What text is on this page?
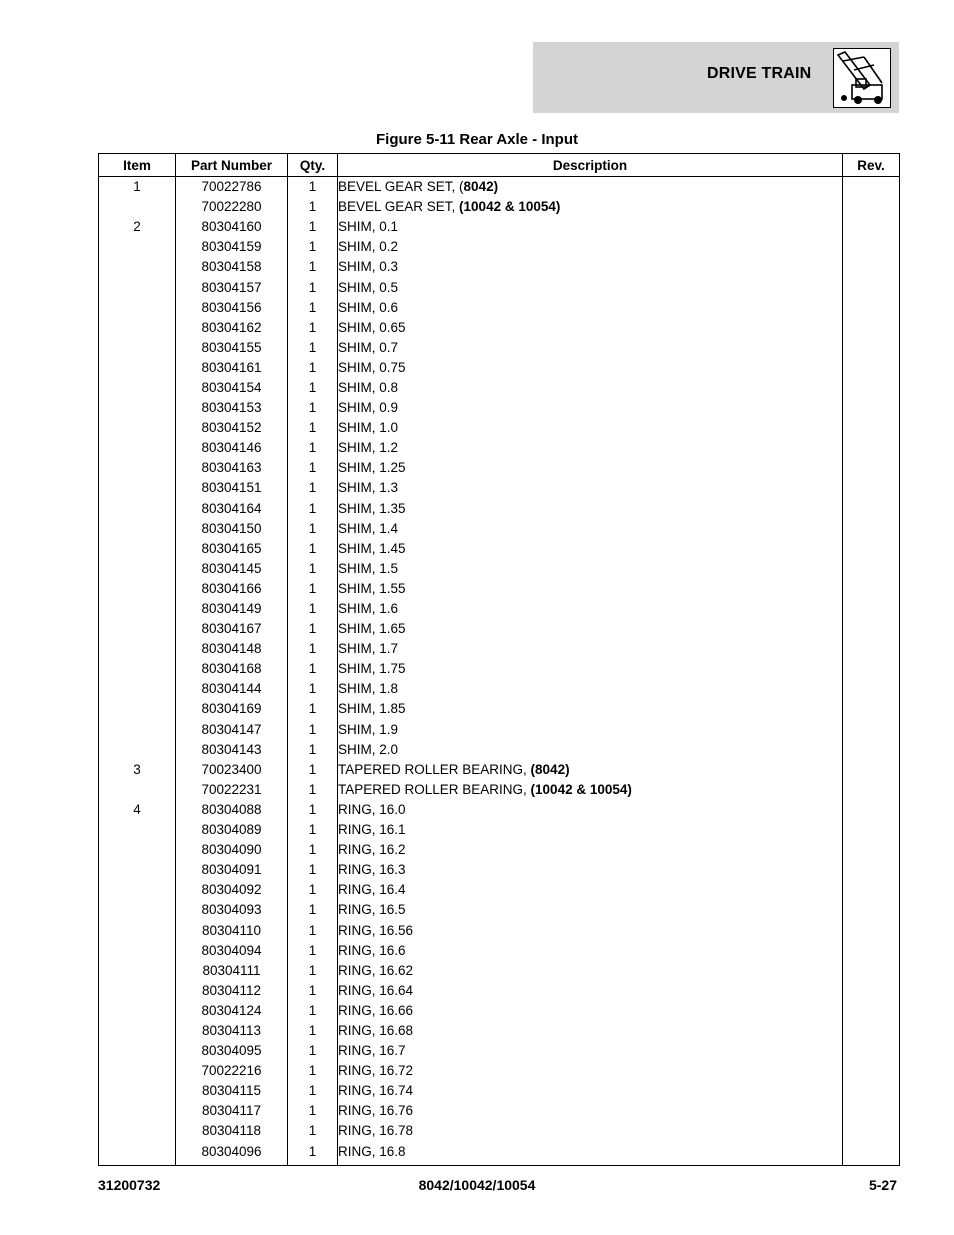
DRIVE TRAIN
Figure 5-11 Rear Axle - Input
Item	Part Number	Qty.	Description	Rev.
1	70022786	1	BEVEL GEAR SET, (8042)	
	70022280	1	BEVEL GEAR SET, (10042 & 10054)	
2	80304160	1	SHIM, 0.1	
	80304159	1	SHIM, 0.2	
	80304158	1	SHIM, 0.3	
	80304157	1	SHIM, 0.5	
	80304156	1	SHIM, 0.6	
	80304162	1	SHIM, 0.65	
	80304155	1	SHIM, 0.7	
	80304161	1	SHIM, 0.75	
	80304154	1	SHIM, 0.8	
	80304153	1	SHIM, 0.9	
	80304152	1	SHIM, 1.0	
	80304146	1	SHIM, 1.2	
	80304163	1	SHIM, 1.25	
	80304151	1	SHIM, 1.3	
	80304164	1	SHIM, 1.35	
	80304150	1	SHIM, 1.4	
	80304165	1	SHIM, 1.45	
	80304145	1	SHIM, 1.5	
	80304166	1	SHIM, 1.55	
	80304149	1	SHIM, 1.6	
	80304167	1	SHIM, 1.65	
	80304148	1	SHIM, 1.7	
	80304168	1	SHIM, 1.75	
	80304144	1	SHIM, 1.8	
	80304169	1	SHIM, 1.85	
	80304147	1	SHIM, 1.9	
	80304143	1	SHIM, 2.0	
3	70023400	1	TAPERED ROLLER BEARING, (8042)	
	70022231	1	TAPERED ROLLER BEARING, (10042 & 10054)	
4	80304088	1	RING, 16.0	
	80304089	1	RING, 16.1	
	80304090	1	RING, 16.2	
	80304091	1	RING, 16.3	
	80304092	1	RING, 16.4	
	80304093	1	RING, 16.5	
	80304110	1	RING, 16.56	
	80304094	1	RING, 16.6	
	80304111	1	RING, 16.62	
	80304112	1	RING, 16.64	
	80304124	1	RING, 16.66	
	80304113	1	RING, 16.68	
	80304095	1	RING, 16.7	
	70022216	1	RING, 16.72	
	80304115	1	RING, 16.74	
	80304117	1	RING, 16.76	
	80304118	1	RING, 16.78	
	80304096	1	RING, 16.8	
31200732	8042/10042/10054	5-27
